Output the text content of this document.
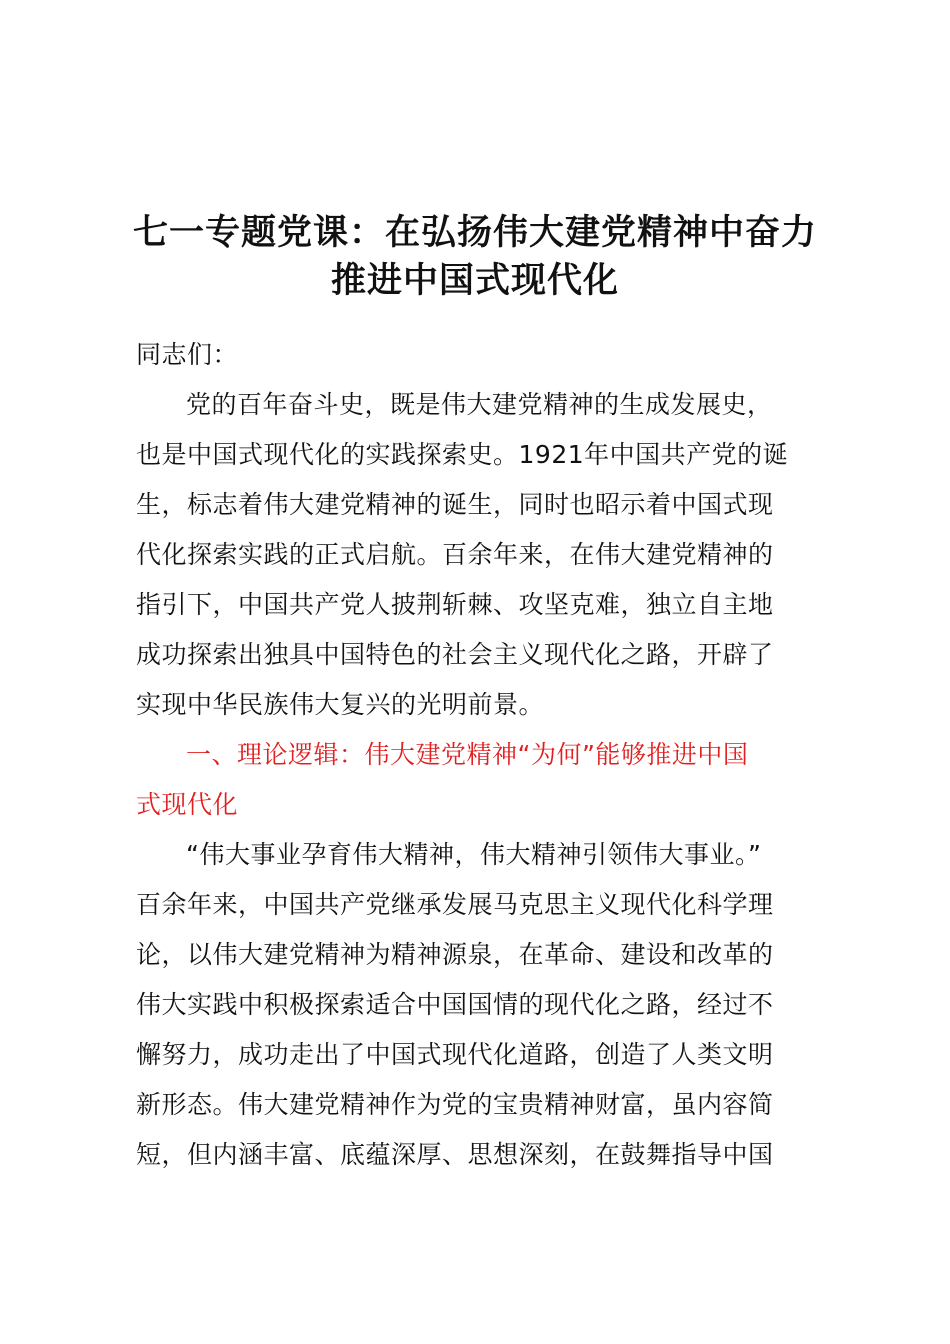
七一专题党课：在弘扬伟大建党精神中奋力
推进中国式现代化
同志们：
党的百年奋斗史，既是伟大建党精神的生成发展史，
也是中国式现代化的实践探索史。1921年中国共产党的诞
生，标志着伟大建党精神的诞生，同时也昭示着中国式现
代化探索实践的正式启航。百余年来，在伟大建党精神的
指引下，中国共产党人披荆斩棘、攻坚克难，独立自主地
成功探索出独具中国特色的社会主义现代化之路，开辟了
实现中华民族伟大复兴的光明前景。
一、理论逻辑：伟大建党精神“为何”能够推进中国
式现代化
“伟大事业孕育伟大精神，伟大精神引领伟大事业。”
百余年来，中国共产党继承发展马克思主义现代化科学理
论，以伟大建党精神为精神源泉，在革命、建设和改革的
伟大实践中积极探索适合中国国情的现代化之路，经过不
懈努力，成功走出了中国式现代化道路，创造了人类文明
新形态。伟大建党精神作为党的宝贵精神财富，虽内容简
短，但内涵丰富、底蕴深厚、思想深刻，在鼓舞指导中国
